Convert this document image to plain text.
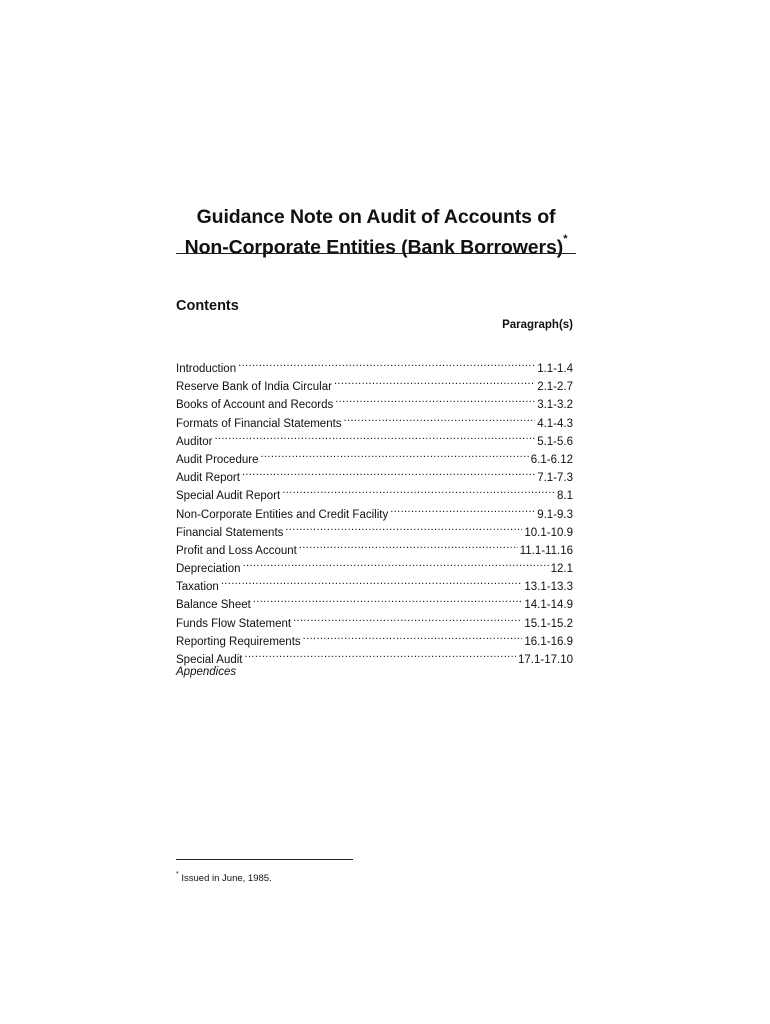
Guidance Note on Audit of Accounts of
Non-Corporate Entities (Bank Borrowers)*
Contents
Paragraph(s)
Introduction .....	1.1-1.4
Reserve Bank of India Circular .....	2.1-2.7
Books of Account and Records .....	3.1-3.2
Formats of Financial Statements .....	4.1-4.3
Auditor .....	5.1-5.6
Audit Procedure .....	6.1-6.12
Audit Report .....	7.1-7.3
Special Audit Report .....	8.1
Non-Corporate Entities and Credit Facility .....	9.1-9.3
Financial Statements .....	10.1-10.9
Profit and Loss Account .....	11.1-11.16
Depreciation .....	12.1
Taxation .....	13.1-13.3
Balance Sheet .....	14.1-14.9
Funds Flow Statement .....	15.1-15.2
Reporting Requirements .....	16.1-16.9
Special Audit .....	17.1-17.10
Appendices
* Issued in June, 1985.
